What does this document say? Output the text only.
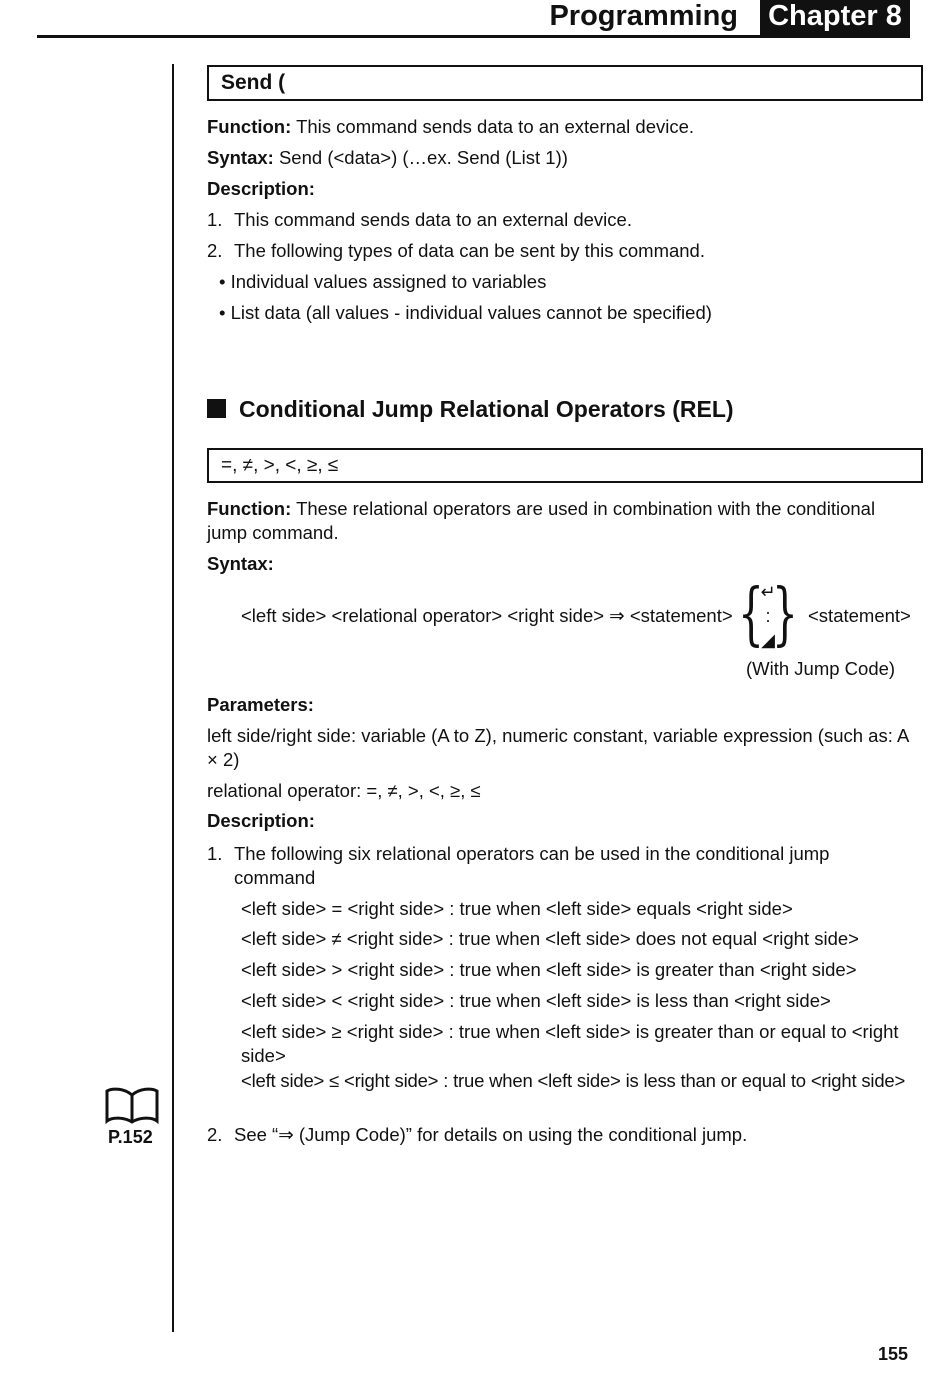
Programming Chapter 8
Send (
Function: This command sends data to an external device.
Syntax: Send (<data>) (…ex. Send (List 1))
Description:
1. This command sends data to an external device.
2. The following types of data can be sent by this command.
• Individual values assigned to variables
• List data (all values - individual values cannot be specified)
Conditional Jump Relational Operators (REL)
=, ≠, >, <, ≥, ≤
Function: These relational operators are used in combination with the conditional jump command.
Syntax:
<left side> <relational operator> <right side> ⇒ <statement> {
↵
:
◢
} <statement>
(With Jump Code)
Parameters:
left side/right side: variable (A to Z), numeric constant, variable expression (such as: A × 2)
relational operator: =, ≠, >, <, ≥, ≤
Description:
1. The following six relational operators can be used in the conditional jump command
<left side> = <right side> : true when <left side> equals <right side>
<left side> ≠ <right side> : true when <left side> does not equal <right side>
<left side> > <right side> : true when <left side> is greater than <right side>
<left side> < <right side> : true when <left side> is less than <right side>
<left side> ≥ <right side> : true when <left side> is greater than or equal to <right side>
<left side> ≤ <right side> : true when <left side> is less than or equal to <right side>
2. See “⇒ (Jump Code)” for details on using the conditional jump.
P.152
155
